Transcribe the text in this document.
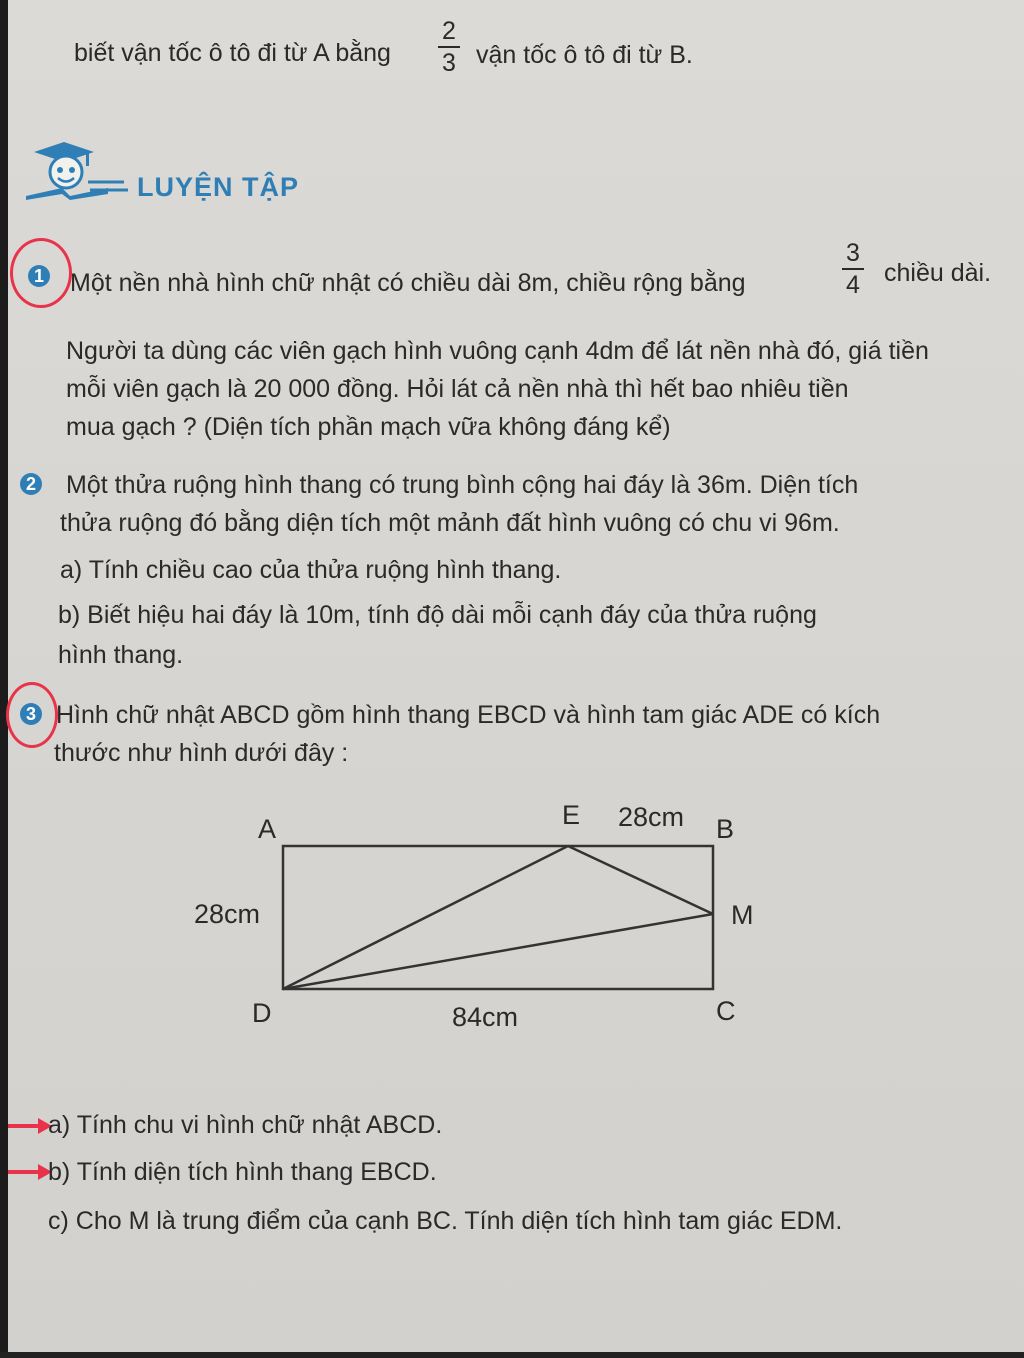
biết vận tốc ô tô đi từ A bằng
2
3 vận tốc ô tô đi từ B.
LUYỆN TẬP
1 Một nền nhà hình chữ nhật có chiều dài 8m, chiều rộng bằng
3
4 chiều dài.
Người ta dùng các viên gạch hình vuông cạnh 4dm để lát nền nhà đó, giá tiền
mỗi viên gạch là 20 000 đồng. Hỏi lát cả nền nhà thì hết bao nhiêu tiền
mua gạch ? (Diện tích phần mạch vữa không đáng kể)
2 Một thửa ruộng hình thang có trung bình cộng hai đáy là 36m. Diện tích
thửa ruộng đó bằng diện tích một mảnh đất hình vuông có chu vi 96m.
a) Tính chiều cao của thửa ruộng hình thang.
b) Biết hiệu hai đáy là 10m, tính độ dài mỗi cạnh đáy của thửa ruộng
hình thang.
3 Hình chữ nhật ABCD gồm hình thang EBCD và hình tam giác ADE có kích
thước như hình dưới đây :
A	E 28cm B
28cm	M
D	84cm	C
a) Tính chu vi hình chữ nhật ABCD.
b) Tính diện tích hình thang EBCD.
c) Cho M là trung điểm của cạnh BC. Tính diện tích hình tam giác EDM.
